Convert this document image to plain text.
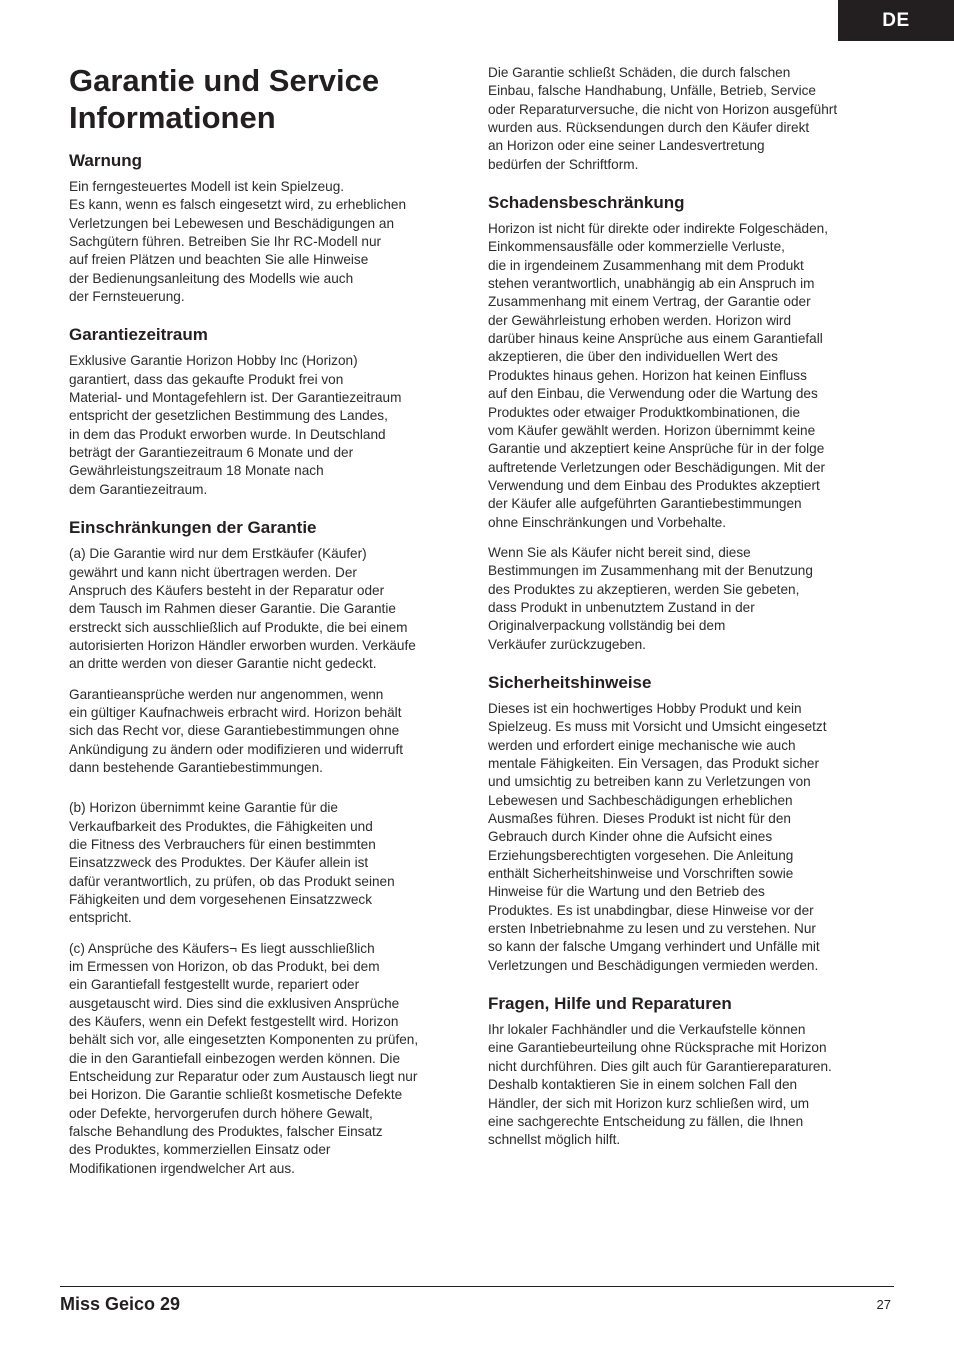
DE
Garantie und Service
Informationen
Warnung

Ein ferngesteuertes Modell ist kein Spielzeug.
Es kann, wenn es falsch eingesetzt wird, zu erheblichen
Verletzungen bei Lebewesen und Beschädigungen an
Sachgütern führen. Betreiben Sie Ihr RC-Modell nur
auf freien Plätzen und beachten Sie alle Hinweise
der Bedienungsanleitung des Modells wie auch
der Fernsteuerung.

Garantiezeitraum

Exklusive Garantie Horizon Hobby Inc (Horizon)
garantiert, dass das gekaufte Produkt frei von
Material- und Montagefehlern ist. Der Garantiezeitraum
entspricht der gesetzlichen Bestimmung des Landes,
in dem das Produkt erworben wurde. In Deutschland
beträgt der Garantiezeitraum 6 Monate und der
Gewährleistungszeitraum 18 Monate nach
dem Garantiezeitraum.

Einschränkungen der Garantie

(a) Die Garantie wird nur dem Erstkäufer (Käufer)
gewährt und kann nicht übertragen werden. Der
Anspruch des Käufers besteht in der Reparatur oder
dem Tausch im Rahmen dieser Garantie. Die Garantie
erstreckt sich ausschließlich auf Produkte, die bei einem
autorisierten Horizon Händler erworben wurden. Verkäufe
an dritte werden von dieser Garantie nicht gedeckt.

Garantieansprüche werden nur angenommen, wenn
ein gültiger Kaufnachweis erbracht wird. Horizon behält
sich das Recht vor, diese Garantiebestimmungen ohne
Ankündigung zu ändern oder modifizieren und widerruft
dann bestehende Garantiebestimmungen.

(b) Horizon übernimmt keine Garantie für die
Verkaufbarkeit des Produktes, die Fähigkeiten und
die Fitness des Verbrauchers für einen bestimmten
Einsatzzweck des Produktes. Der Käufer allein ist
dafür verantwortlich, zu prüfen, ob das Produkt seinen
Fähigkeiten und dem vorgesehenen Einsatzzweck
entspricht.

(c) Ansprüche des Käufers¬ Es liegt ausschließlich
im Ermessen von Horizon, ob das Produkt, bei dem
ein Garantiefall festgestellt wurde, repariert oder
ausgetauscht wird. Dies sind die exklusiven Ansprüche
des Käufers, wenn ein Defekt festgestellt wird. Horizon
behält sich vor, alle eingesetzten Komponenten zu prüfen,
die in den Garantiefall einbezogen werden können. Die
Entscheidung zur Reparatur oder zum Austausch liegt nur
bei Horizon. Die Garantie schließt kosmetische Defekte
oder Defekte, hervorgerufen durch höhere Gewalt,
falsche Behandlung des Produktes, falscher Einsatz
des Produktes, kommerziellen Einsatz oder
Modifikationen irgendwelcher Art aus.

Die Garantie schließt Schäden, die durch falschen
Einbau, falsche Handhabung, Unfälle, Betrieb, Service
oder Reparaturversuche, die nicht von Horizon ausgeführt
wurden aus. Rücksendungen durch den Käufer direkt
an Horizon oder eine seiner Landesvertretung
bedürfen der Schriftform.

Schadensbeschränkung

Horizon ist nicht für direkte oder indirekte Folgeschäden,
Einkommensausfälle oder kommerzielle Verluste,
die in irgendeinem Zusammenhang mit dem Produkt
stehen verantwortlich, unabhängig ab ein Anspruch im
Zusammenhang mit einem Vertrag, der Garantie oder
der Gewährleistung erhoben werden. Horizon wird
darüber hinaus keine Ansprüche aus einem Garantiefall
akzeptieren, die über den individuellen Wert des
Produktes hinaus gehen. Horizon hat keinen Einfluss
auf den Einbau, die Verwendung oder die Wartung des
Produktes oder etwaiger Produktkombinationen, die
vom Käufer gewählt werden. Horizon übernimmt keine
Garantie und akzeptiert keine Ansprüche für in der folge
auftretende Verletzungen oder Beschädigungen. Mit der
Verwendung und dem Einbau des Produktes akzeptiert
der Käufer alle aufgeführten Garantiebestimmungen
ohne Einschränkungen und Vorbehalte.

Wenn Sie als Käufer nicht bereit sind, diese
Bestimmungen im Zusammenhang mit der Benutzung
des Produktes zu akzeptieren, werden Sie gebeten,
dass Produkt in unbenutztem Zustand in der
Originalverpackung vollständig bei dem
Verkäufer zurückzugeben.

Sicherheitshinweise

Dieses ist ein hochwertiges Hobby Produkt und kein
Spielzeug. Es muss mit Vorsicht und Umsicht eingesetzt
werden und erfordert einige mechanische wie auch
mentale Fähigkeiten. Ein Versagen, das Produkt sicher
und umsichtig zu betreiben kann zu Verletzungen von
Lebewesen und Sachbeschädigungen erheblichen
Ausmaßes führen. Dieses Produkt ist nicht für den
Gebrauch durch Kinder ohne die Aufsicht eines
Erziehungsberechtigten vorgesehen. Die Anleitung
enthält Sicherheitshinweise und Vorschriften sowie
Hinweise für die Wartung und den Betrieb des
Produktes. Es ist unabdingbar, diese Hinweise vor der
ersten Inbetriebnahme zu lesen und zu verstehen. Nur
so kann der falsche Umgang verhindert und Unfälle mit
Verletzungen und Beschädigungen vermieden werden.

Fragen, Hilfe und Reparaturen

Ihr lokaler Fachhändler und die Verkaufstelle können
eine Garantiebeurteilung ohne Rücksprache mit Horizon
nicht durchführen. Dies gilt auch für Garantiereparaturen.
Deshalb kontaktieren Sie in einem solchen Fall den
Händler, der sich mit Horizon kurz schließen wird, um
eine sachgerechte Entscheidung zu fällen, die Ihnen
schnellst möglich hilft.

Miss Geico 29	27
